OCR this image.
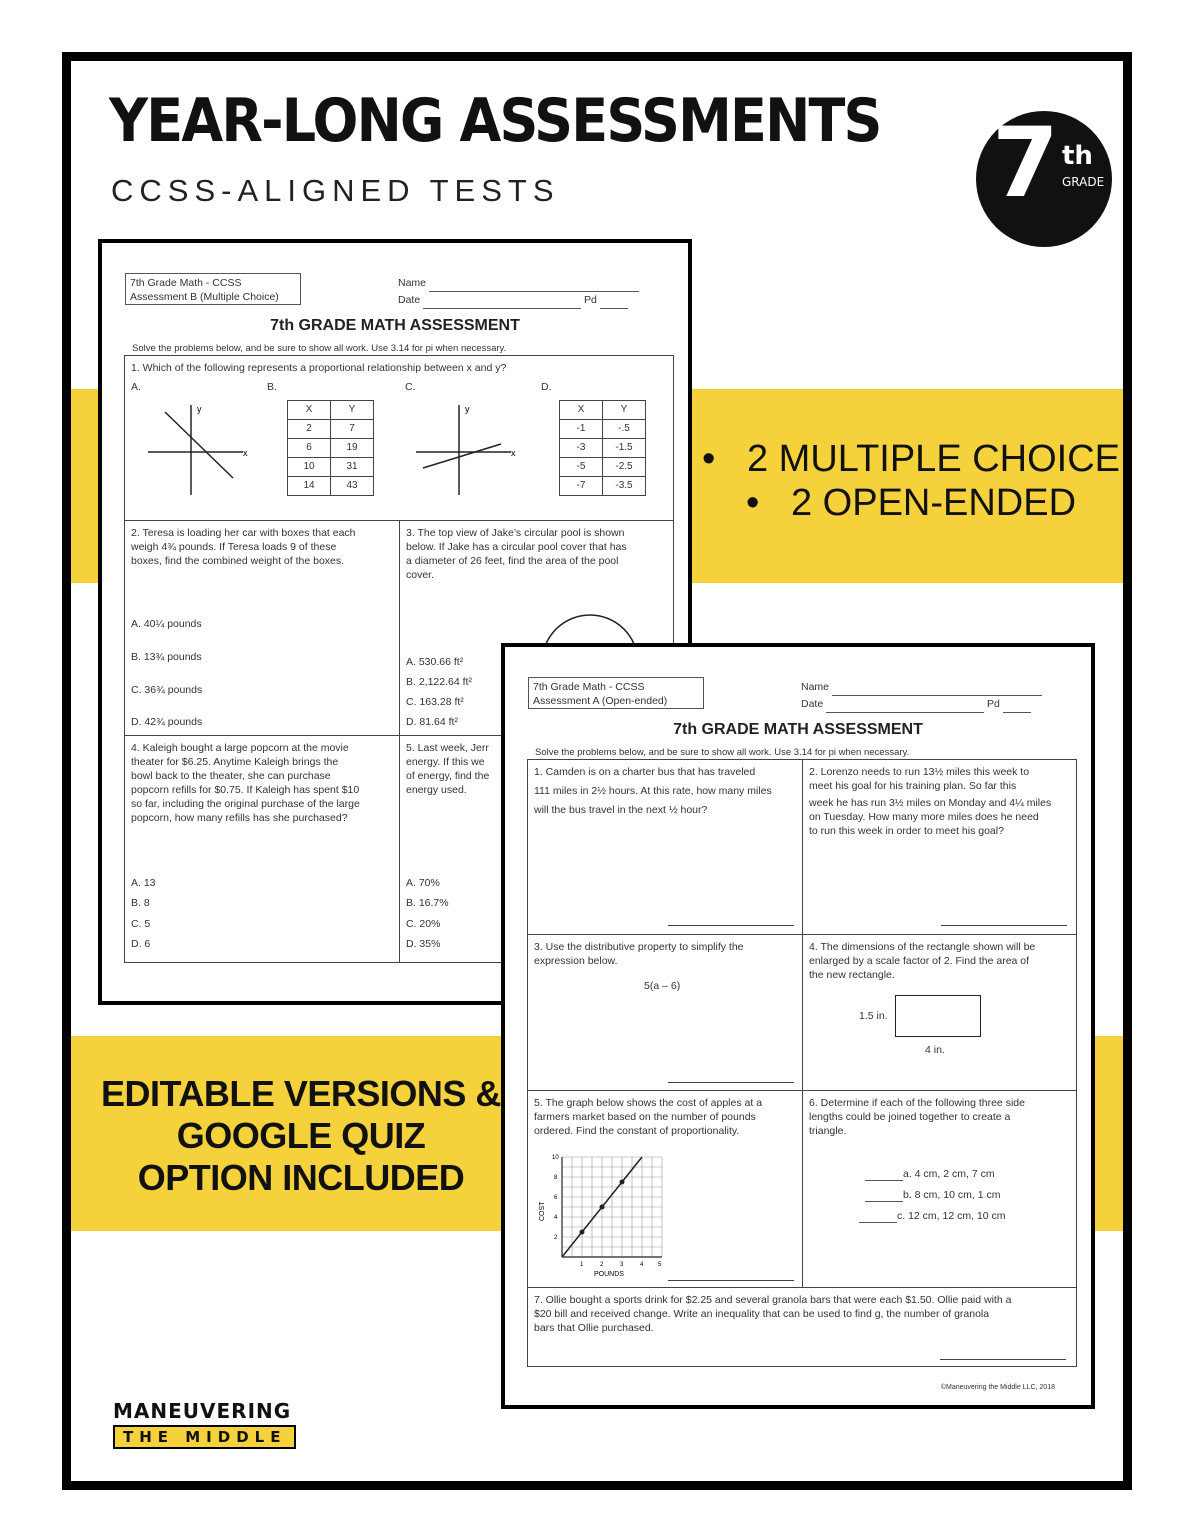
YEAR-LONG ASSESSMENTS
CCSS-ALIGNED TESTS	7 th
GRADE
• 2 MULTIPLE CHOICE
• 2 OPEN-ENDED
EDITABLE VERSIONS &
GOOGLE QUIZ
OPTION INCLUDED
MANEUVERING
THE MIDDLE
7th Grade Math - CCSS
Assessment B (Multiple Choice)
Name
Date	Pd
7th GRADE MATH ASSESSMENT
Solve the problems below, and be sure to show all work. Use 3.14 for pi when necessary.
1. Which of the following represents a proportional relationship between x and y?
A.	B.	C.	D.
y
x
X	Y
2	7
6	19
10	31
14	43
y
x
X	Y
-1	-.5
-3	-1.5
-5	-2.5
-7	-3.5
2. Teresa is loading her car with boxes that each
weigh 4¾ pounds. If Teresa loads 9 of these
boxes, find the combined weight of the boxes.
A. 40¼ pounds
B. 13¾ pounds
C. 36¾ pounds
D. 42¾ pounds
3. The top view of Jake’s circular pool is shown
below. If Jake has a circular pool cover that has
a diameter of 26 feet, find the area of the pool
cover.
A. 530.66 ft²
B. 2,122.64 ft²
C. 163.28 ft²
D. 81.64 ft²
4. Kaleigh bought a large popcorn at the movie
theater for $6.25. Anytime Kaleigh brings the
bowl back to the theater, she can purchase
popcorn refills for $0.75. If Kaleigh has spent $10
so far, including the original purchase of the large
popcorn, how many refills has she purchased?
A. 13
B. 8
C. 5
D. 6
5. Last week, Jerr
energy. If this we
of energy, find the
energy used.
A. 70%
B. 16.7%
C. 20%
D. 35%
7th Grade Math - CCSS
Assessment A (Open-ended)
Name
Date	Pd
7th GRADE MATH ASSESSMENT
Solve the problems below, and be sure to show all work. Use 3.14 for pi when necessary.
1. Camden is on a charter bus that has traveled
111 miles in 2½ hours. At this rate, how many miles
will the bus travel in the next ½ hour?
2. Lorenzo needs to run 13½ miles this week to
meet his goal for his training plan. So far this
week he has run 3½ miles on Monday and 4¼ miles
on Tuesday. How many more miles does he need
to run this week in order to meet his goal?
3. Use the distributive property to simplify the
expression below.
5(a – 6)
4. The dimensions of the rectangle shown will be
enlarged by a scale factor of 2. Find the area of
the new rectangle.
1.5 in.
4 in.
5. The graph below shows the cost of apples at a
farmers market based on the number of pounds
ordered. Find the constant of proportionality.
10
8
6
4
2
1	2	3	4 5
POUNDS
COST
6. Determine if each of the following three side
lengths could be joined together to create a
triangle.
a. 4 cm, 2 cm, 7 cm
b. 8 cm, 10 cm, 1 cm
c. 12 cm, 12 cm, 10 cm
7. Ollie bought a sports drink for $2.25 and several granola bars that were each $1.50. Ollie paid with a
$20 bill and received change. Write an inequality that can be used to find g, the number of granola
bars that Ollie purchased.
©Maneuvering the Middle LLC, 2018
